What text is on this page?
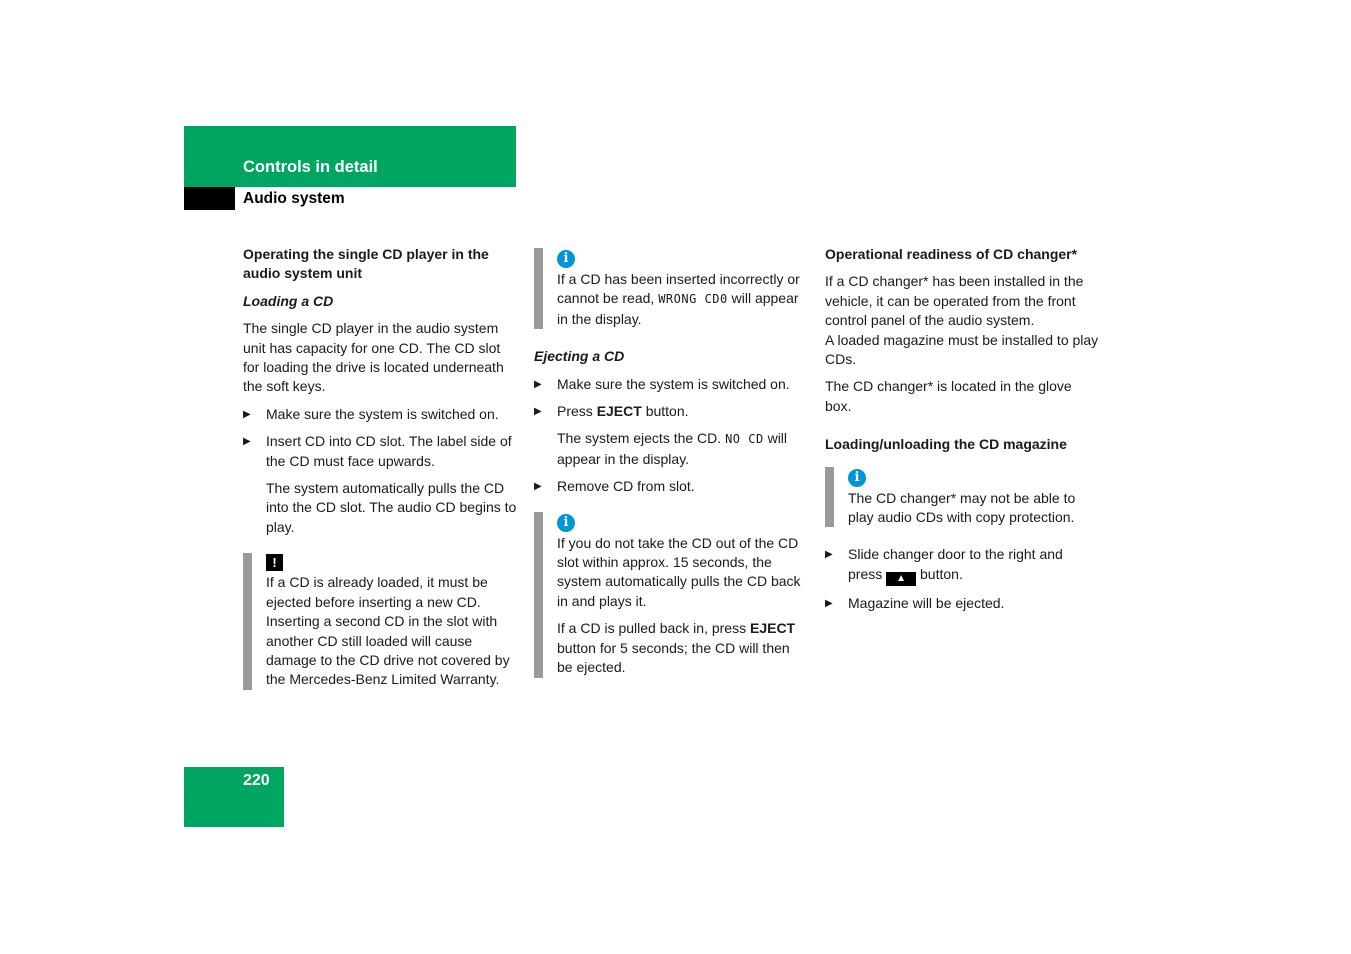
Controls in detail
Audio system

Operating the single CD player in the audio system unit

Loading a CD

The single CD player in the audio system unit has capacity for one CD. The CD slot for loading the drive is located underneath the soft keys.

▶ Make sure the system is switched on.
▶ Insert CD into CD slot. The label side of the CD must face upwards.

The system automatically pulls the CD into the CD slot. The audio CD begins to play.

!
If a CD is already loaded, it must be ejected before inserting a new CD. Inserting a second CD in the slot with another CD still loaded will cause damage to the CD drive not covered by the Mercedes-Benz Limited Warranty.
i
If a CD has been inserted incorrectly or cannot be read, WRONG CD0 will appear in the display.

Ejecting a CD

▶ Make sure the system is switched on.
▶ Press EJECT button.

The system ejects the CD. NO CD will appear in the display.

▶ Remove CD from slot.
i

If you do not take the CD out of the CD slot within approx. 15 seconds, the system automatically pulls the CD back in and plays it.

If a CD is pulled back in, press EJECT button for 5 seconds; the CD will then be ejected.

Operational readiness of CD changer*

If a CD changer* has been installed in the vehicle, it can be operated from the front control panel of the audio system.

A loaded magazine must be installed to play CDs.

The CD changer* is located in the glove box.

Loading/unloading the CD magazine

i
The CD changer* may not be able to play audio CDs with copy protection.
▶ Slide changer door to the right and press ▲ button.
▶ Magazine will be ejected.
220
